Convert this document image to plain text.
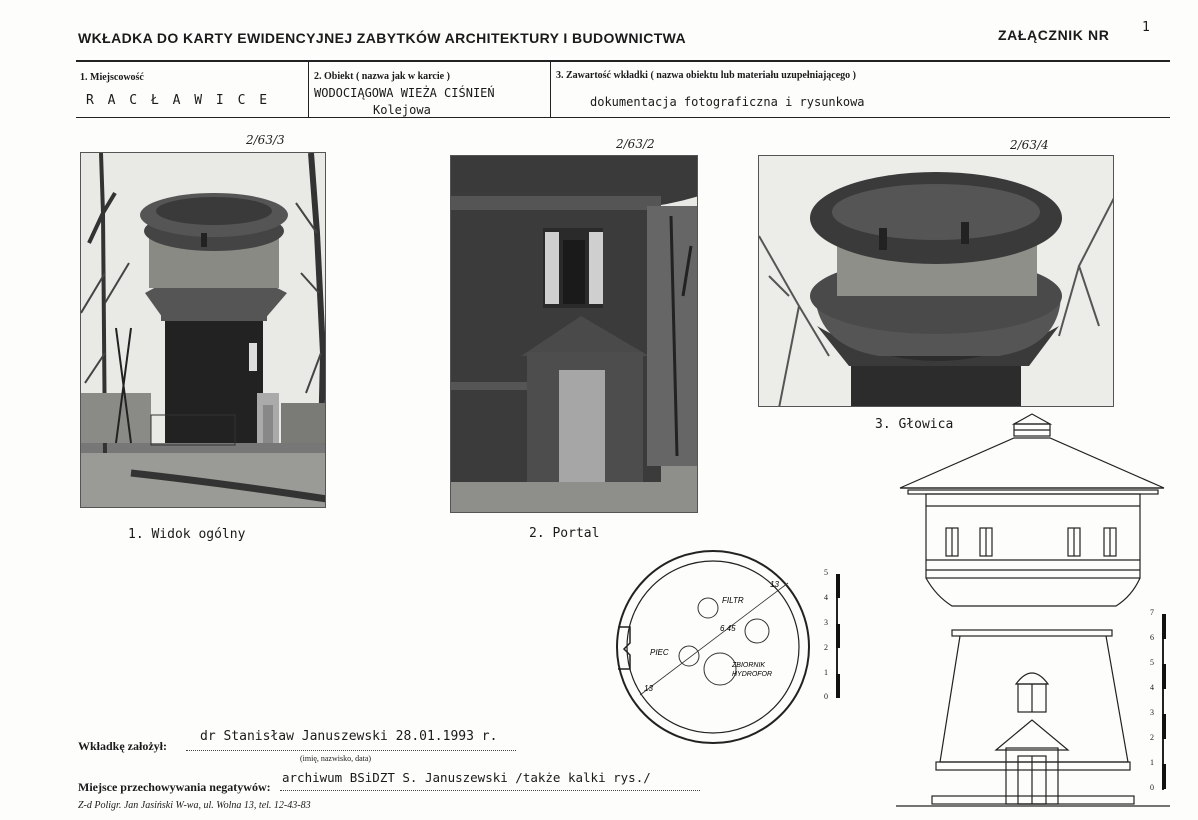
WKŁADKA DO KARTY EWIDENCYJNEJ ZABYTKÓW ARCHITEKTURY I BUDOWNICTWA	ZAŁĄCZNIK NR	1
1. Miejscowość
R A C Ł A W I C E
2. Obiekt ( nazwa jak w karcie )
WODOCIĄGOWA WIEŻA CIŚNIEŃ
Kolejowa
3. Zawartość wkładki ( nazwa obiektu lub materiału uzupełniającego )
dokumentacja fotograficzna i rysunkowa
2/63/3	2/63/2	2/63/4
1. Widok ogólny	2. Portal
3. Głowica
FILTR
PIEC
ZBIORNIK
HYDROFOR
13
6.45
13
5
4
3
2
1
0
7
6
5
4
3
2
1
0
Wkładkę założył:
dr Stanisław Januszewski 28.01.1993 r.
(imię, nazwisko, data)
Miejsce przechowywania negatywów:
archiwum BSiDZT S. Januszewski /także kalki rys./
Z-d Poligr. Jan Jasiński W-wa, ul. Wolna 13, tel. 12-43-83
